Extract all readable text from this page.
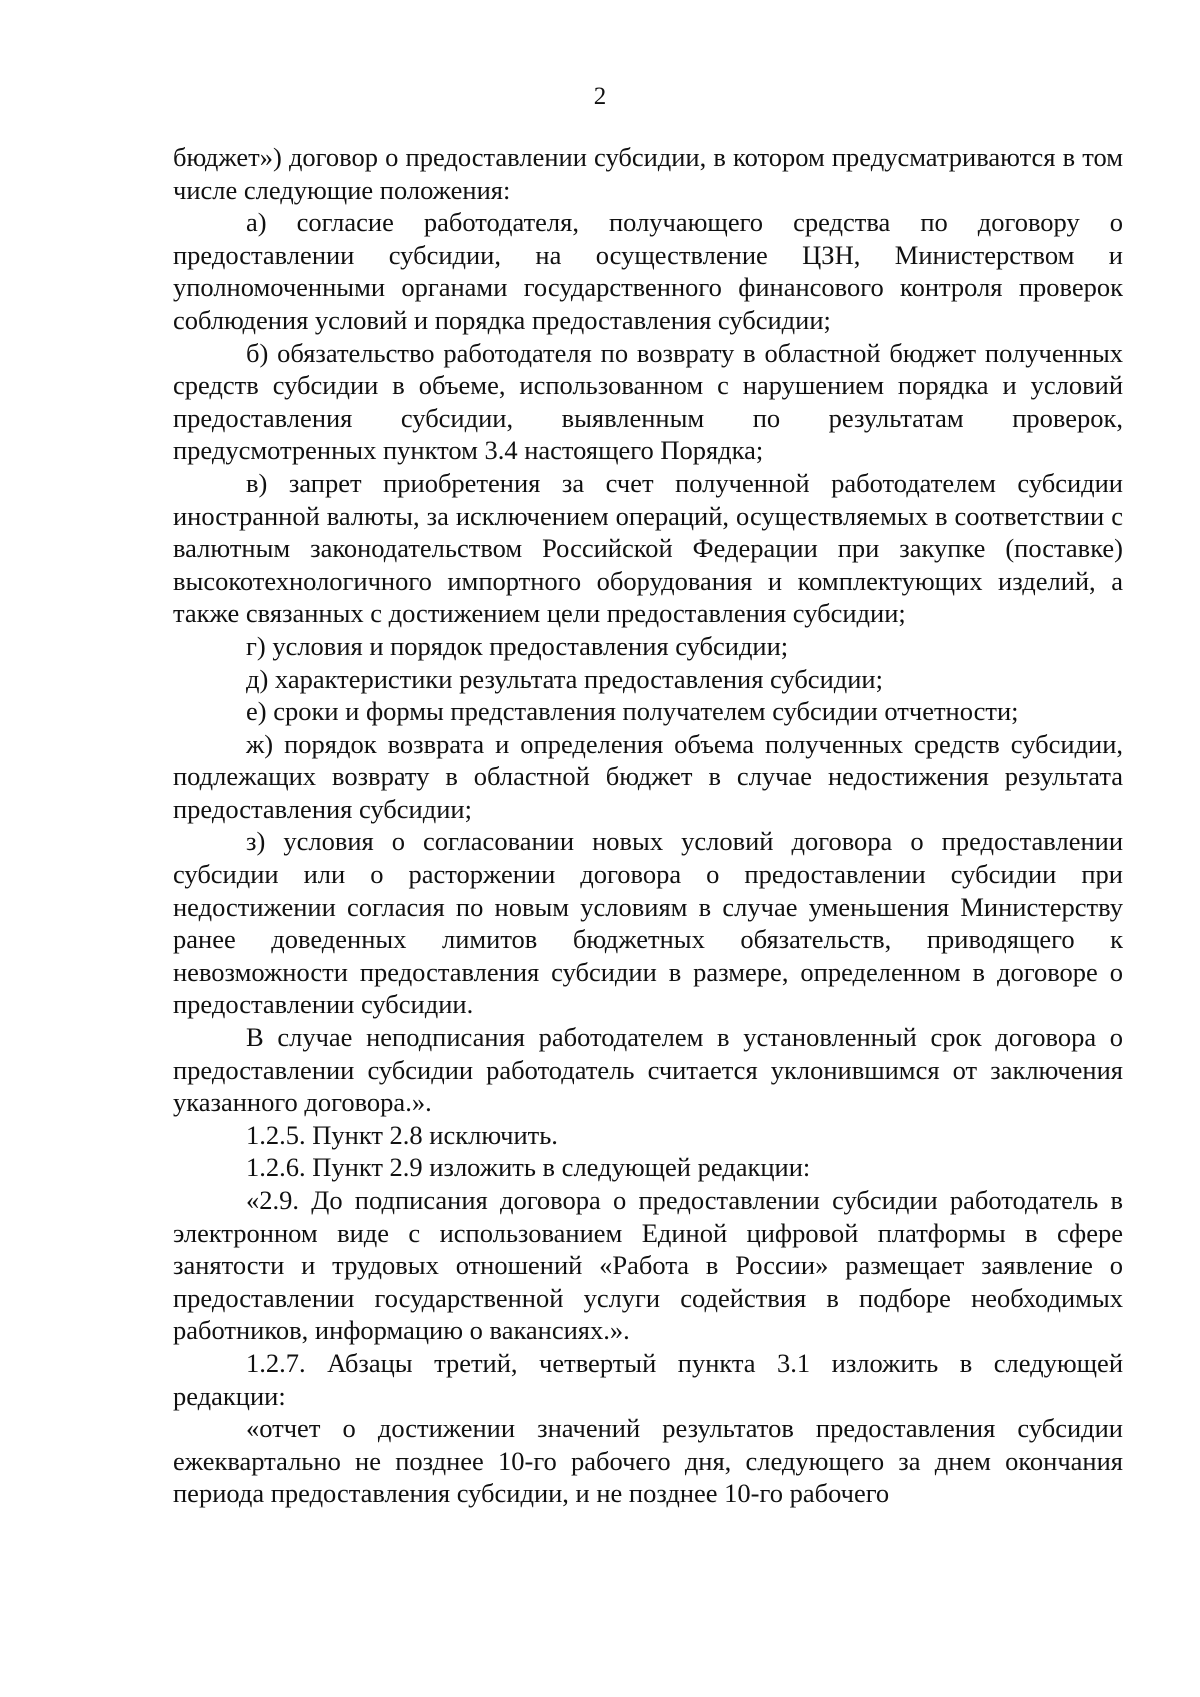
2

бюджет») договор о предоставлении субсидии, в котором предусматриваются в том числе следующие положения:

а) согласие работодателя, получающего средства по договору о предоставлении субсидии, на осуществление ЦЗН, Министерством и уполномоченными органами государственного финансового контроля проверок соблюдения условий и порядка предоставления субсидии;

б) обязательство работодателя по возврату в областной бюджет полученных средств субсидии в объеме, использованном с нарушением порядка и условий предоставления субсидии, выявленным по результатам проверок, предусмотренных пунктом 3.4 настоящего Порядка;

в) запрет приобретения за счет полученной работодателем субсидии иностранной валюты, за исключением операций, осуществляемых в соответствии с валютным законодательством Российской Федерации при закупке (поставке) высокотехнологичного импортного оборудования и комплектующих изделий, а также связанных с достижением цели предоставления субсидии;

г) условия и порядок предоставления субсидии;

д) характеристики результата предоставления субсидии;

е) сроки и формы представления получателем субсидии отчетности;

ж) порядок возврата и определения объема полученных средств субсидии, подлежащих возврату в областной бюджет в случае недостижения результата предоставления субсидии;

з) условия о согласовании новых условий договора о предоставлении субсидии или о расторжении договора о предоставлении субсидии при недостижении согласия по новым условиям в случае уменьшения Министерству ранее доведенных лимитов бюджетных обязательств, приводящего к невозможности предоставления субсидии в размере, определенном в договоре о предоставлении субсидии.

В случае неподписания работодателем в установленный срок договора о предоставлении субсидии работодатель считается уклонившимся от заключения указанного договора.».

1.2.5. Пункт 2.8 исключить.

1.2.6. Пункт 2.9 изложить в следующей редакции:

«2.9. До подписания договора о предоставлении субсидии работодатель в электронном виде с использованием Единой цифровой платформы в сфере занятости и трудовых отношений «Работа в России» размещает заявление о предоставлении государственной услуги содействия в подборе необходимых работников, информацию о вакансиях.».

1.2.7. Абзацы третий, четвертый пункта 3.1 изложить в следующей редакции:

«отчет о достижении значений результатов предоставления субсидии ежеквартально не позднее 10-го рабочего дня, следующего за днем окончания периода предоставления субсидии, и не позднее 10-го рабочего
